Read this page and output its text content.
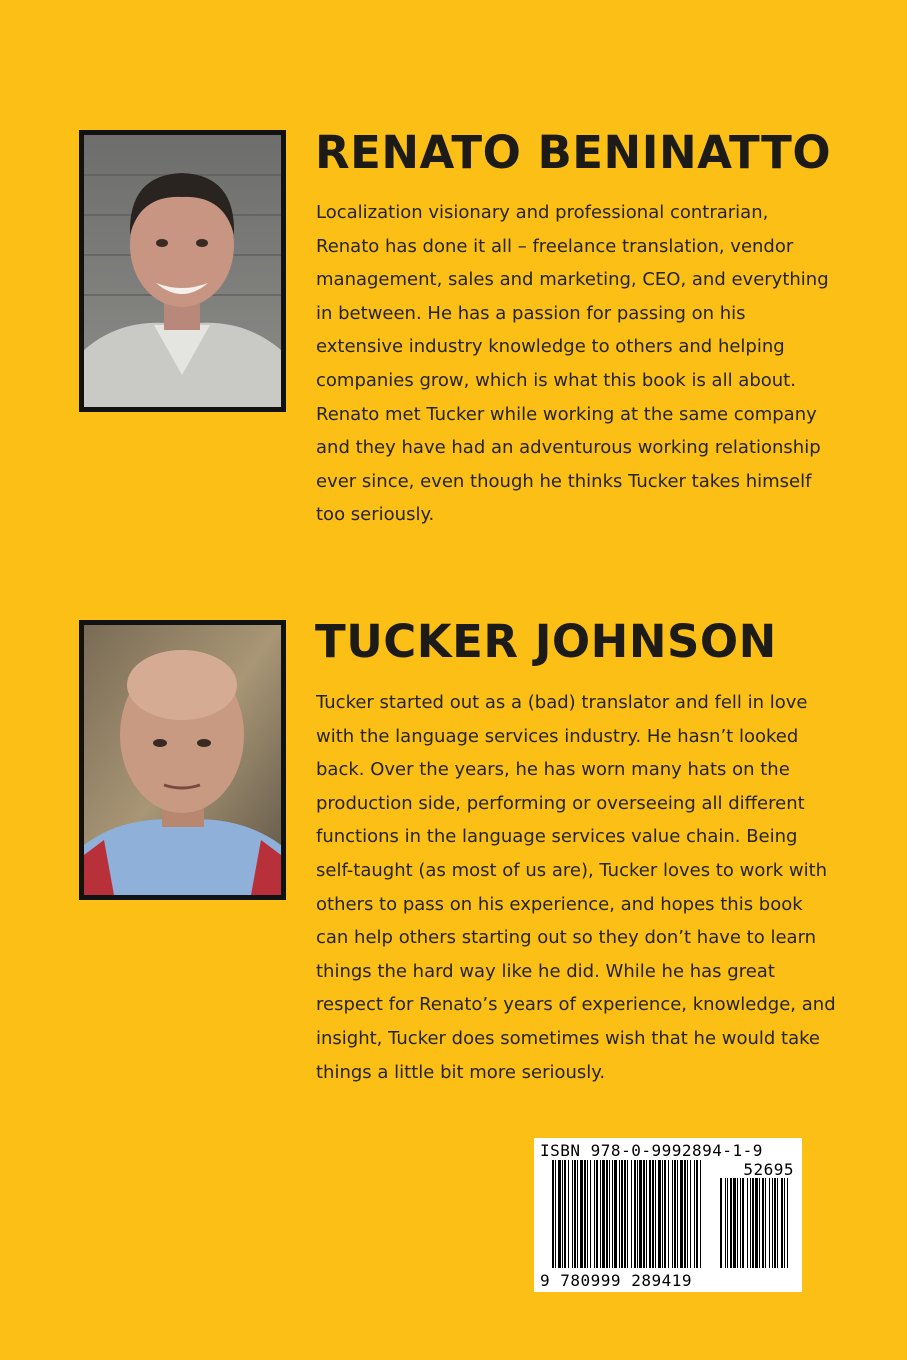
RENATO BENINATTO

Localization visionary and professional contrarian, Renato has done it all – freelance translation, vendor management, sales and marketing, CEO, and everything in between. He has a passion for passing on his extensive industry knowledge to others and helping companies grow, which is what this book is all about. Renato met Tucker while working at the same company and they have had an adventurous working relationship ever since, even though he thinks Tucker takes himself too seriously.

TUCKER JOHNSON

Tucker started out as a (bad) translator and fell in love with the language services industry. He hasn’t looked back. Over the years, he has worn many hats on the production side, performing or overseeing all different functions in the language services value chain. Being self-taught (as most of us are), Tucker loves to work with others to pass on his experience, and hopes this book can help others starting out so they don’t have to learn things the hard way like he did. While he has great respect for Renato’s years of experience, knowledge, and insight, Tucker does sometimes wish that he would take things a little bit more seriously.

ISBN 978-0-9992894-1-9
52695
9 780999 289419
